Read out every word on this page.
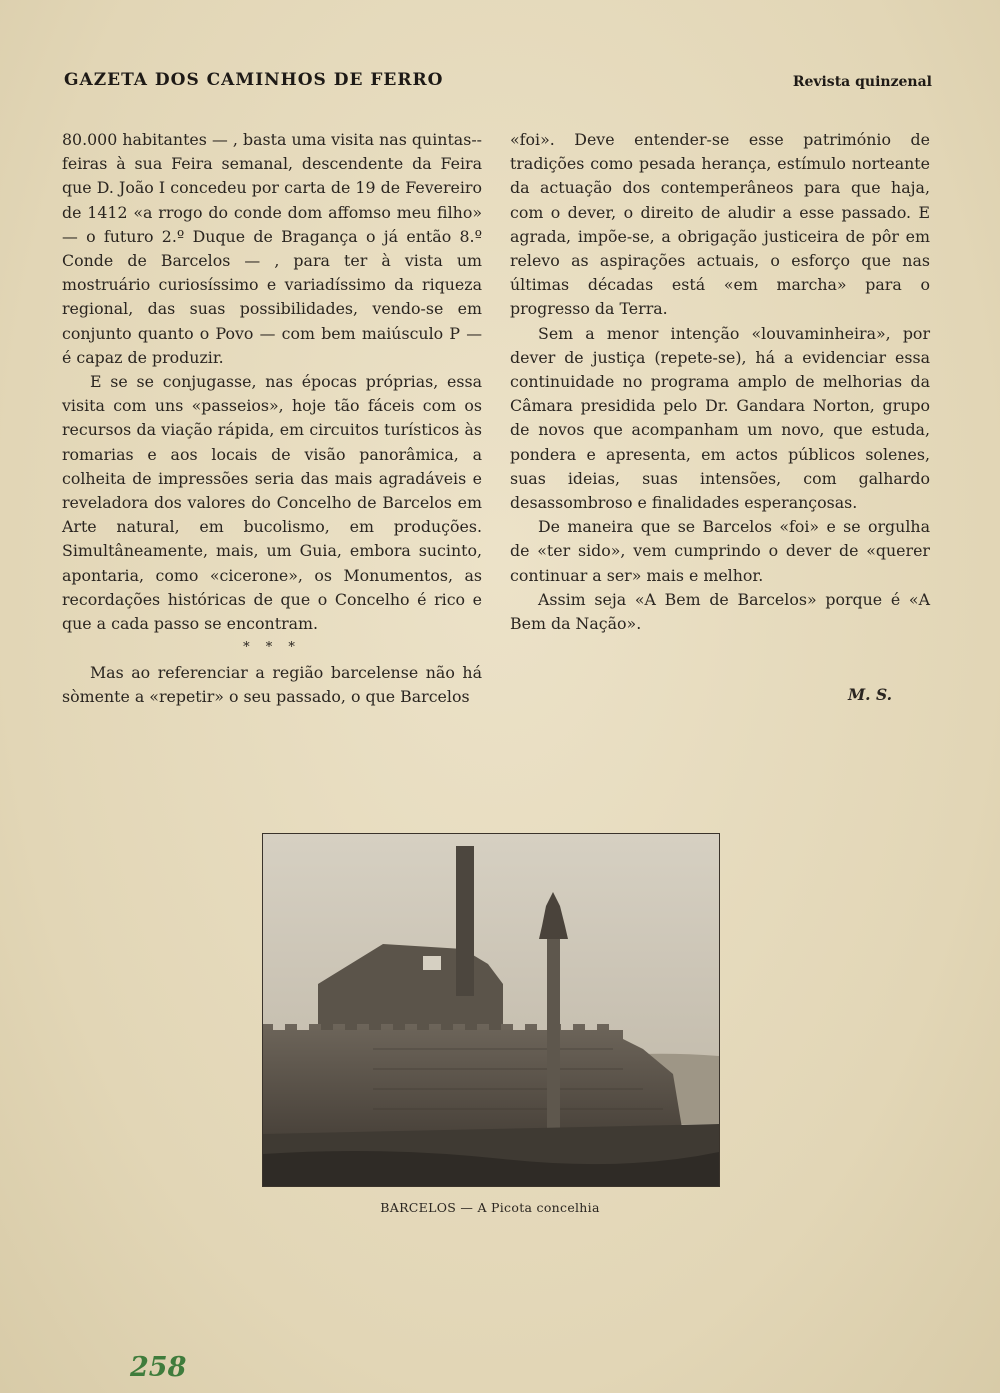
GAZETA DOS CAMINHOS DE FERRO	Revista quinzenal

80.000 habitantes — , basta uma visita nas quintas--feiras à sua Feira semanal, descendente da Feira que D. João I concedeu por carta de 19 de Fevereiro de 1412 «a rrogo do conde dom affomso meu filho» — o futuro 2.º Duque de Bragança o já então 8.º Conde de Barcelos — , para ter à vista um mostruário curiosíssimo e variadíssimo da riqueza regional, das suas possibilidades, vendo-se em conjunto quanto o Povo — com bem maiúsculo P — é capaz de produzir.

E se se conjugasse, nas épocas próprias, essa visita com uns «passeios», hoje tão fáceis com os recursos da viação rápida, em circuitos turísticos às romarias e aos locais de visão panorâmica, a colheita de impressões seria das mais agradáveis e reveladora dos valores do Concelho de Barcelos em Arte natural, em bucolismo, em produções. Simultâneamente, mais, um Guia, embora sucinto, apontaria, como «cicerone», os Monumentos, as recordações históricas de que o Concelho é rico e que a cada passo se encontram.

* * *

Mas ao referenciar a região barcelense não há sòmente a «repetir» o seu passado, o que Barcelos

«foi». Deve entender-se esse património de tradições como pesada herança, estímulo norteante da actuação dos contemperâneos para que haja, com o dever, o direito de aludir a esse passado. E agrada, impõe-se, a obrigação justiceira de pôr em relevo as aspirações actuais, o esforço que nas últimas décadas está «em marcha» para o progresso da Terra.

Sem a menor intenção «louvaminheira», por dever de justiça (repete-se), há a evidenciar essa continuidade no programa amplo de melhorias da Câmara presidida pelo Dr. Gandara Norton, grupo de novos que acompanham um novo, que estuda, pondera e apresenta, em actos públicos solenes, suas ideias, suas intensões, com galhardo desassombroso e finalidades esperançosas.

De maneira que se Barcelos «foi» e se orgulha de «ter sido», vem cumprindo o dever de «querer continuar a ser» mais e melhor.

Assim seja «A Bem de Barcelos» porque é «A Bem da Nação».

M. S.
BARCELOS — A Picota concelhia
258
